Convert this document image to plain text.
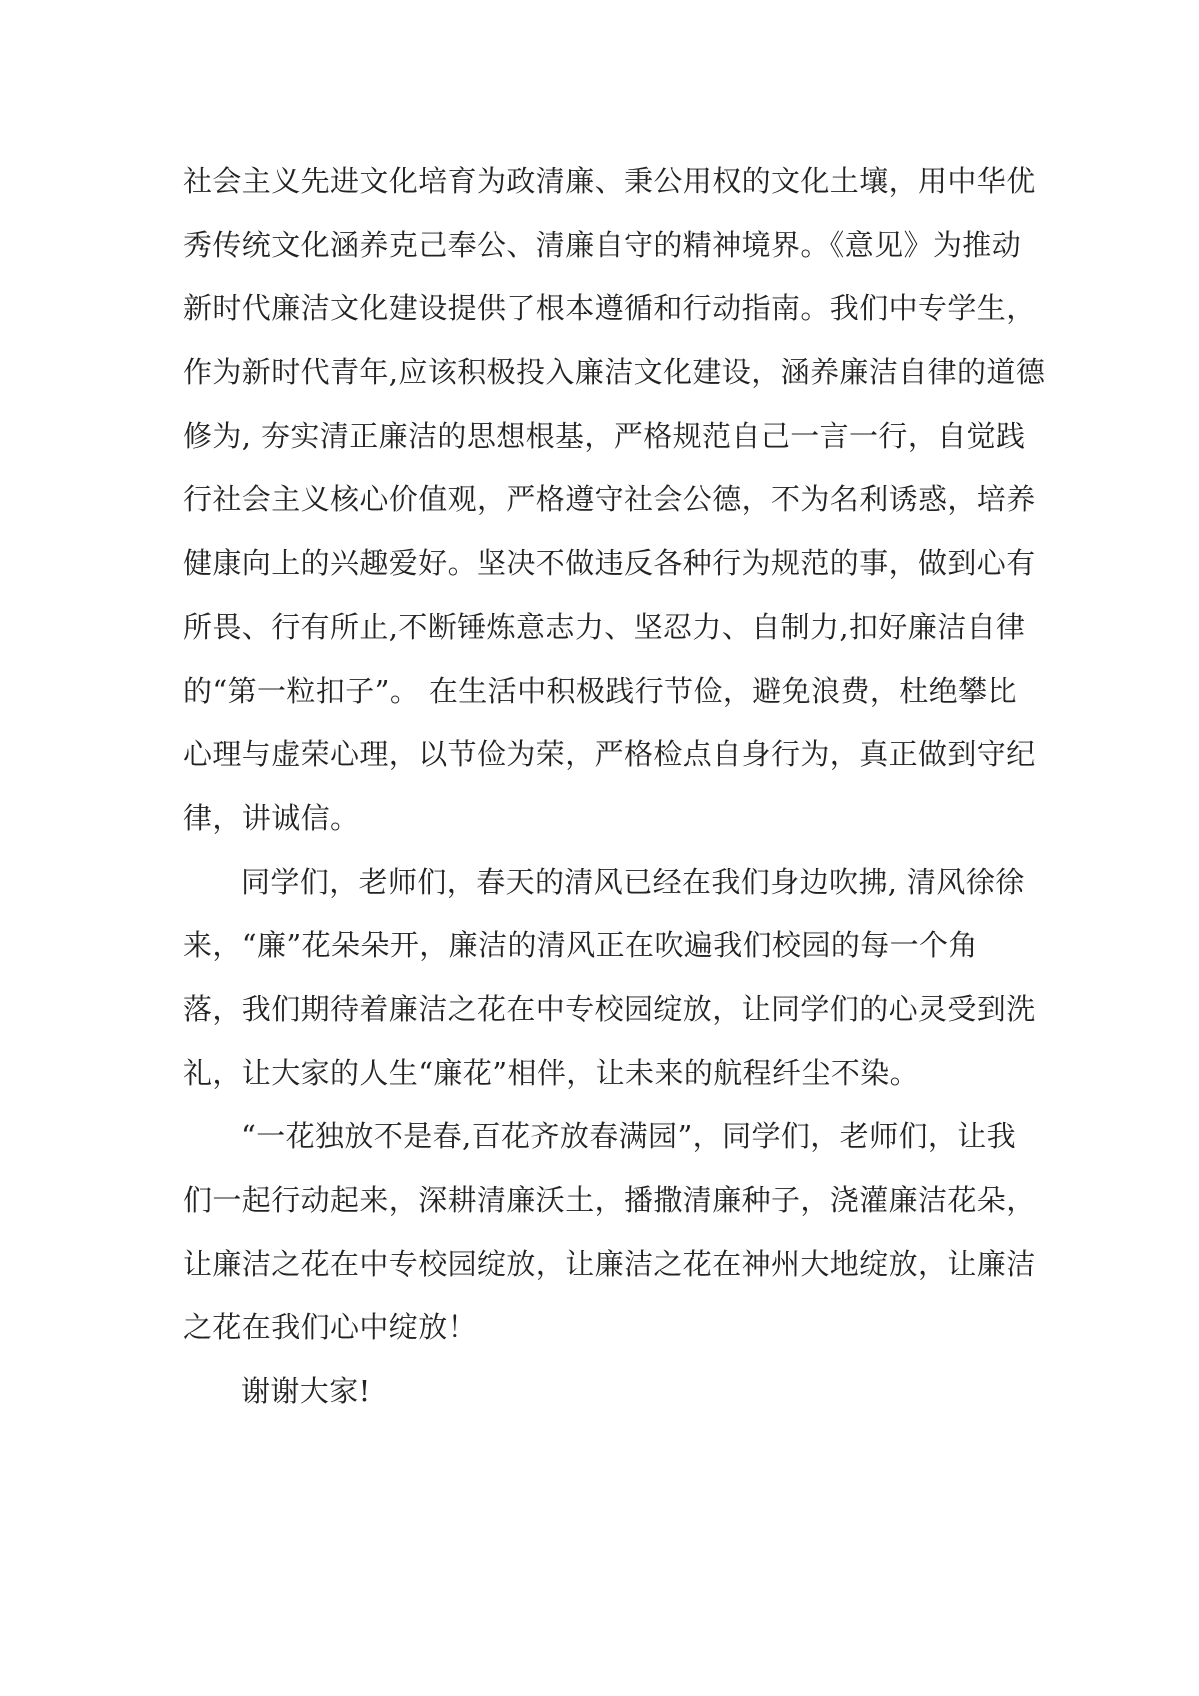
社会主义先进文化培育为政清廉、秉公用权的文化土壤，用中华优
秀传统文化涵养克己奉公、清廉自守的精神境界。《意见》为推动
新时代廉洁文化建设提供了根本遵循和行动指南。我们中专学生，
作为新时代青年,应该积极投入廉洁文化建设，涵养廉洁自律的道德
修为, 夯实清正廉洁的思想根基，严格规范自己一言一行，自觉践
行社会主义核心价值观，严格遵守社会公德，不为名利诱惑，培养
健康向上的兴趣爱好。坚决不做违反各种行为规范的事，做到心有
所畏、行有所止,不断锤炼意志力、坚忍力、自制力,扣好廉洁自律
的“第一粒扣子”。 在生活中积极践行节俭，避免浪费，杜绝攀比
心理与虚荣心理，以节俭为荣，严格检点自身行为，真正做到守纪
律，讲诚信。
同学们，老师们，春天的清风已经在我们身边吹拂, 清风徐徐
来，“廉”花朵朵开，廉洁的清风正在吹遍我们校园的每一个角
落，我们期待着廉洁之花在中专校园绽放，让同学们的心灵受到洗
礼，让大家的人生“廉花”相伴，让未来的航程纤尘不染。
“一花独放不是春,百花齐放春满园”，同学们，老师们，让我
们一起行动起来，深耕清廉沃土，播撒清廉种子，浇灌廉洁花朵，
让廉洁之花在中专校园绽放，让廉洁之花在神州大地绽放，让廉洁
之花在我们心中绽放！
谢谢大家!
